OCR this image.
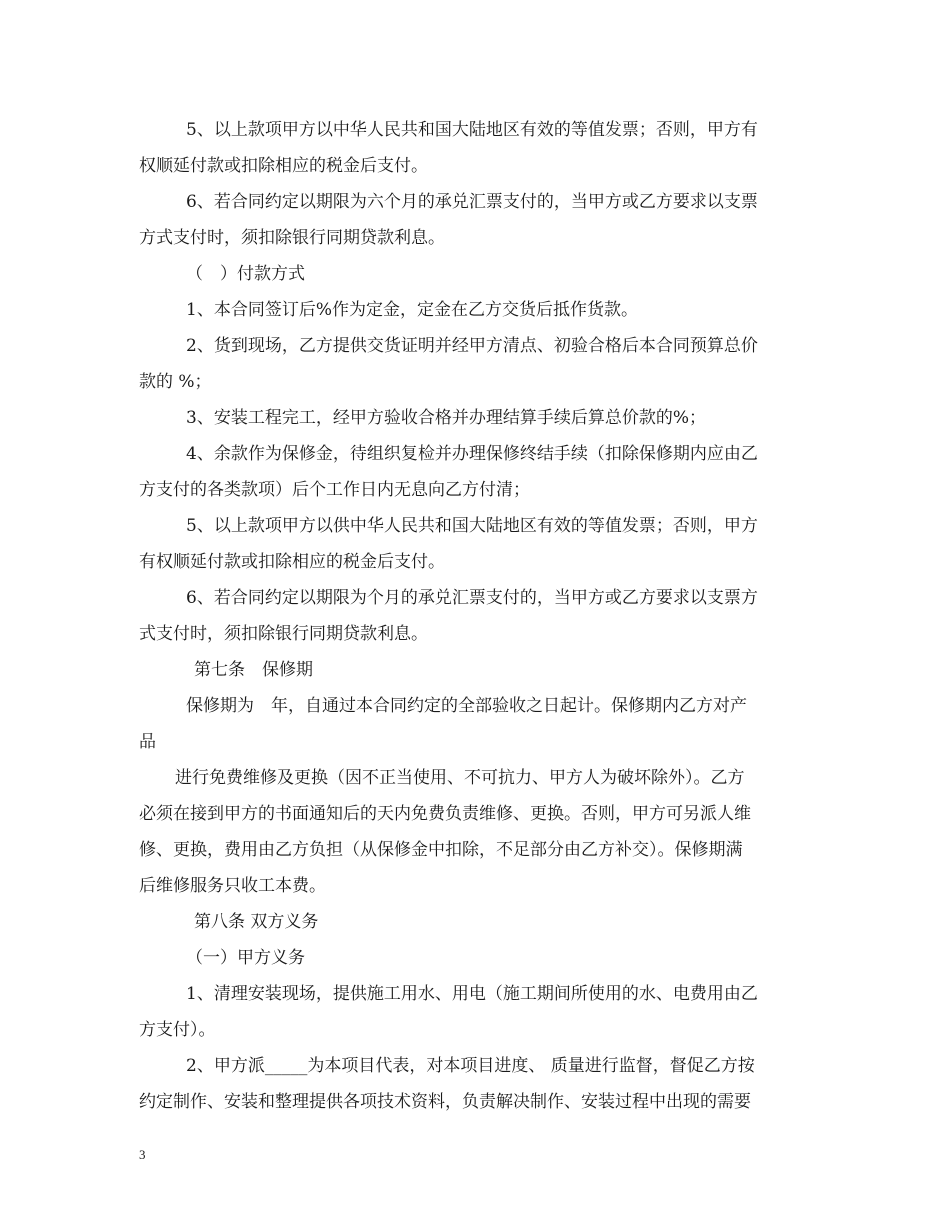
5、以上款项甲方以中华人民共和国大陆地区有效的等值发票；否则，甲方有
权顺延付款或扣除相应的税金后支付。
6、若合同约定以期限为六个月的承兑汇票支付的，当甲方或乙方要求以支票
方式支付时，须扣除银行同期贷款利息。
（　）付款方式
1、本合同签订后%作为定金，定金在乙方交货后抵作货款。
2、货到现场，乙方提供交货证明并经甲方清点、初验合格后本合同预算总价
款的 %；
3、安装工程完工，经甲方验收合格并办理结算手续后算总价款的%；
4、余款作为保修金，待组织复检并办理保修终结手续（扣除保修期内应由乙
方支付的各类款项）后个工作日内无息向乙方付清；
5、以上款项甲方以供中华人民共和国大陆地区有效的等值发票；否则，甲方
有权顺延付款或扣除相应的税金后支付。
6、若合同约定以期限为个月的承兑汇票支付的，当甲方或乙方要求以支票方
式支付时，须扣除银行同期贷款利息。
第七条　保修期
保修期为　年，自通过本合同约定的全部验收之日起计。保修期内乙方对产
品
进行免费维修及更换（因不正当使用、不可抗力、甲方人为破坏除外）。乙方
必须在接到甲方的书面通知后的天内免费负责维修、更换。否则，甲方可另派人维
修、更换，费用由乙方负担（从保修金中扣除，不足部分由乙方补交）。保修期满
后维修服务只收工本费。
第八条 双方义务
（一）甲方义务
1、清理安装现场，提供施工用水、用电（施工期间所使用的水、电费用由乙
方支付）。
2、甲方派_____为本项目代表，对本项目进度、 质量进行监督，督促乙方按
约定制作、安装和整理提供各项技术资料，负责解决制作、安装过程中出现的需要
3
